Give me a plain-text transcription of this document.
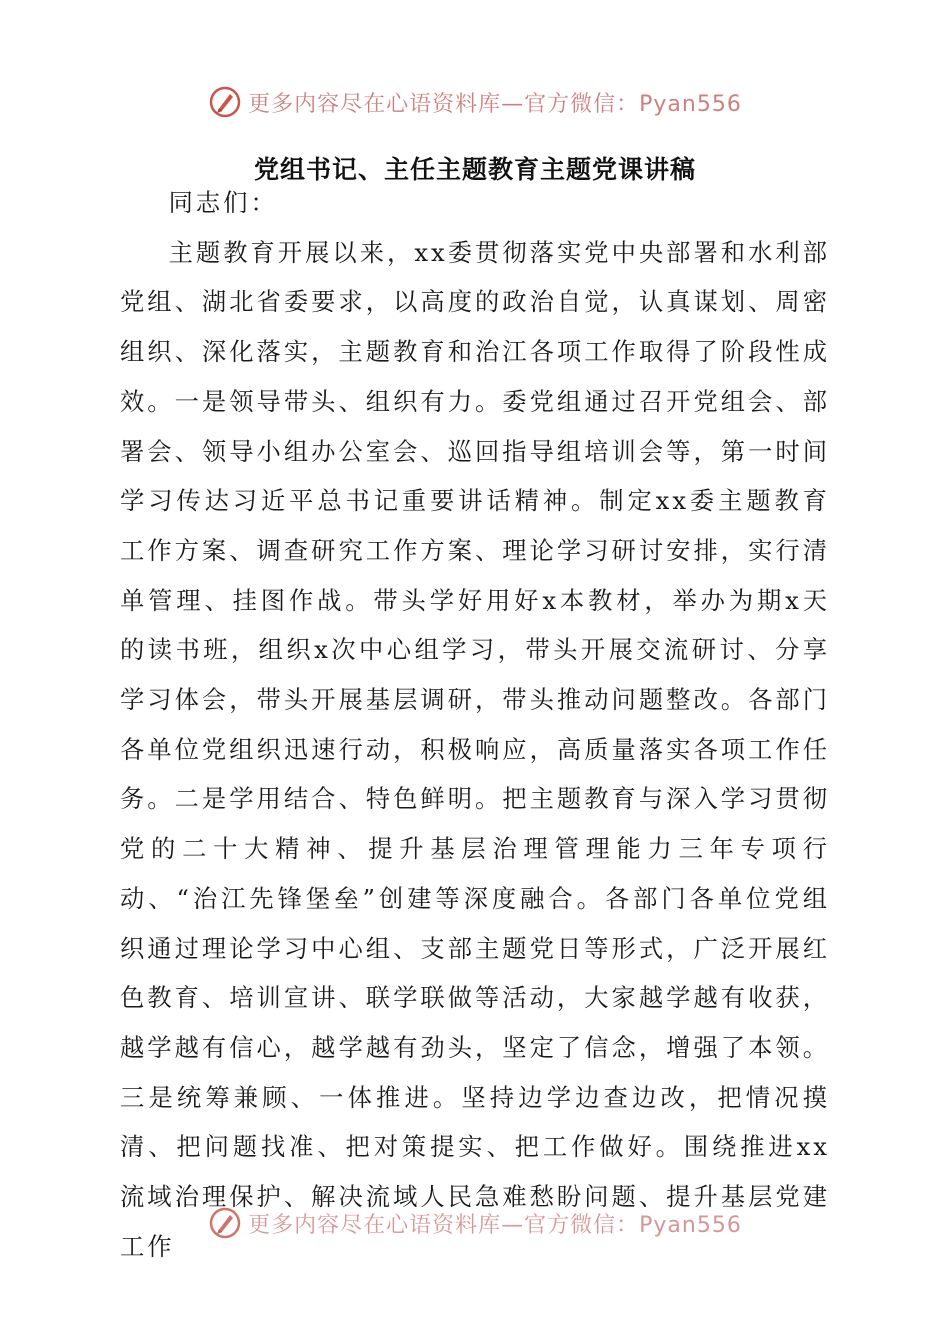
更多内容尽在心语资料库—官方微信：Pyan556
党组书记、主任主题教育主题党课讲稿

同志们：

主题教育开展以来，xx委贯彻落实党中央部署和水利部党组、湖北省委要求，以高度的政治自觉，认真谋划、周密组织、深化落实，主题教育和治江各项工作取得了阶段性成效。一是领导带头、组织有力。委党组通过召开党组会、部署会、领导小组办公室会、巡回指导组培训会等，第一时间学习传达习近平总书记重要讲话精神。制定xx委主题教育工作方案、调查研究工作方案、理论学习研讨安排，实行清单管理、挂图作战。带头学好用好x本教材，举办为期x天的读书班，组织x次中心组学习，带头开展交流研讨、分享学习体会，带头开展基层调研，带头推动问题整改。各部门各单位党组织迅速行动，积极响应，高质量落实各项工作任务。二是学用结合、特色鲜明。把主题教育与深入学习贯彻党的二十大精神、提升基层治理管理能力三年专项行动、“治江先锋堡垒”创建等深度融合。各部门各单位党组织通过理论学习中心组、支部主题党日等形式，广泛开展红色教育、培训宣讲、联学联做等活动，大家越学越有收获，越学越有信心，越学越有劲头，坚定了信念，增强了本领。三是统筹兼顾、一体推进。坚持边学边查边改，把情况摸清、把问题找准、把对策提实、把工作做好。围绕推进xx流域治理保护、解决流域人民急难愁盼问题、提升基层党建工作

更多内容尽在心语资料库—官方微信：Pyan556
